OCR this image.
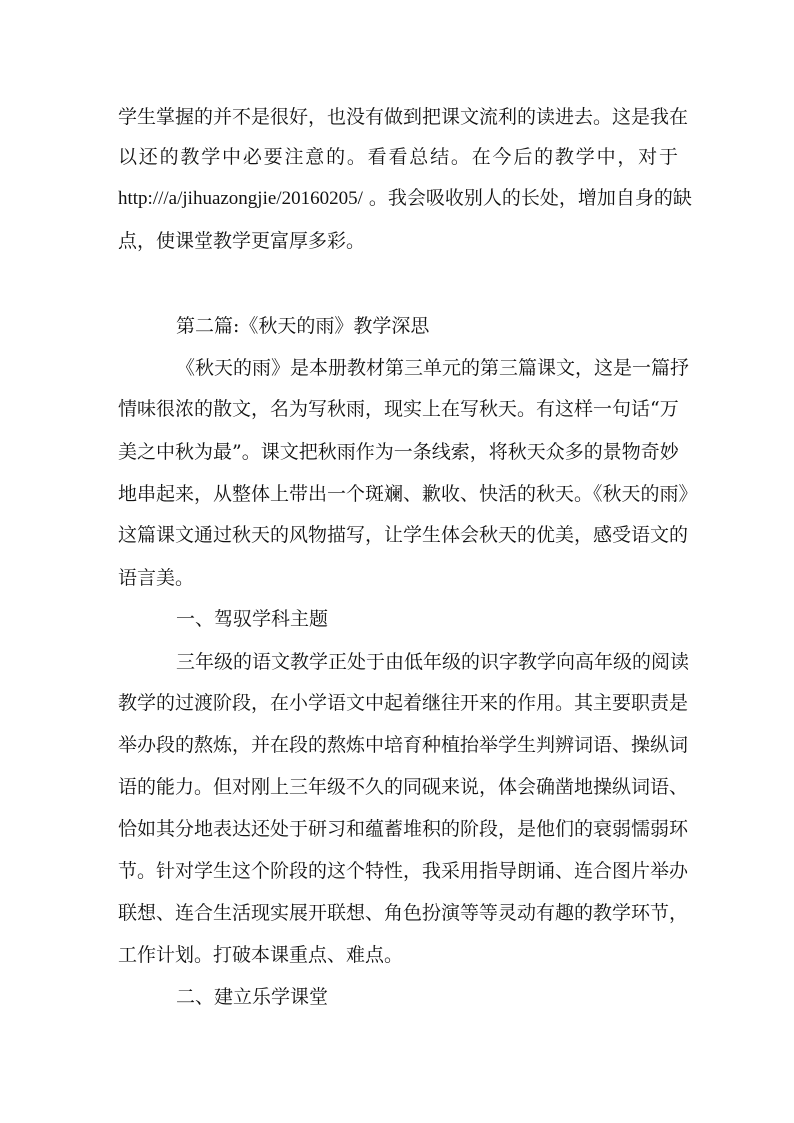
学生掌握的并不是很好，也没有做到把课文流利的读进去。这是我在
以还的教学中必要注意的。看看总结。在今后的教学中，对于
http:///a/jihuazongjie/20160205/ 。我会吸收别人的长处，增加自身的缺
点，使课堂教学更富厚多彩。
第二篇:《秋天的雨》教学深思
《秋天的雨》是本册教材第三单元的第三篇课文，这是一篇抒
情味很浓的散文，名为写秋雨，现实上在写秋天。有这样一句话“万
美之中秋为最”。课文把秋雨作为一条线索，将秋天众多的景物奇妙
地串起来，从整体上带出一个斑斓、歉收、快活的秋天。《秋天的雨》
这篇课文通过秋天的风物描写，让学生体会秋天的优美，感受语文的
语言美。
一、驾驭学科主题
三年级的语文教学正处于由低年级的识字教学向高年级的阅读
教学的过渡阶段，在小学语文中起着继往开来的作用。其主要职责是
举办段的熬炼，并在段的熬炼中培育种植抬举学生判辨词语、操纵词
语的能力。但对刚上三年级不久的同砚来说，体会确凿地操纵词语、
恰如其分地表达还处于研习和蕴蓄堆积的阶段，是他们的衰弱懦弱环
节。针对学生这个阶段的这个特性，我采用指导朗诵、连合图片举办
联想、连合生活现实展开联想、角色扮演等等灵动有趣的教学环节，
工作计划。打破本课重点、难点。
二、建立乐学课堂
